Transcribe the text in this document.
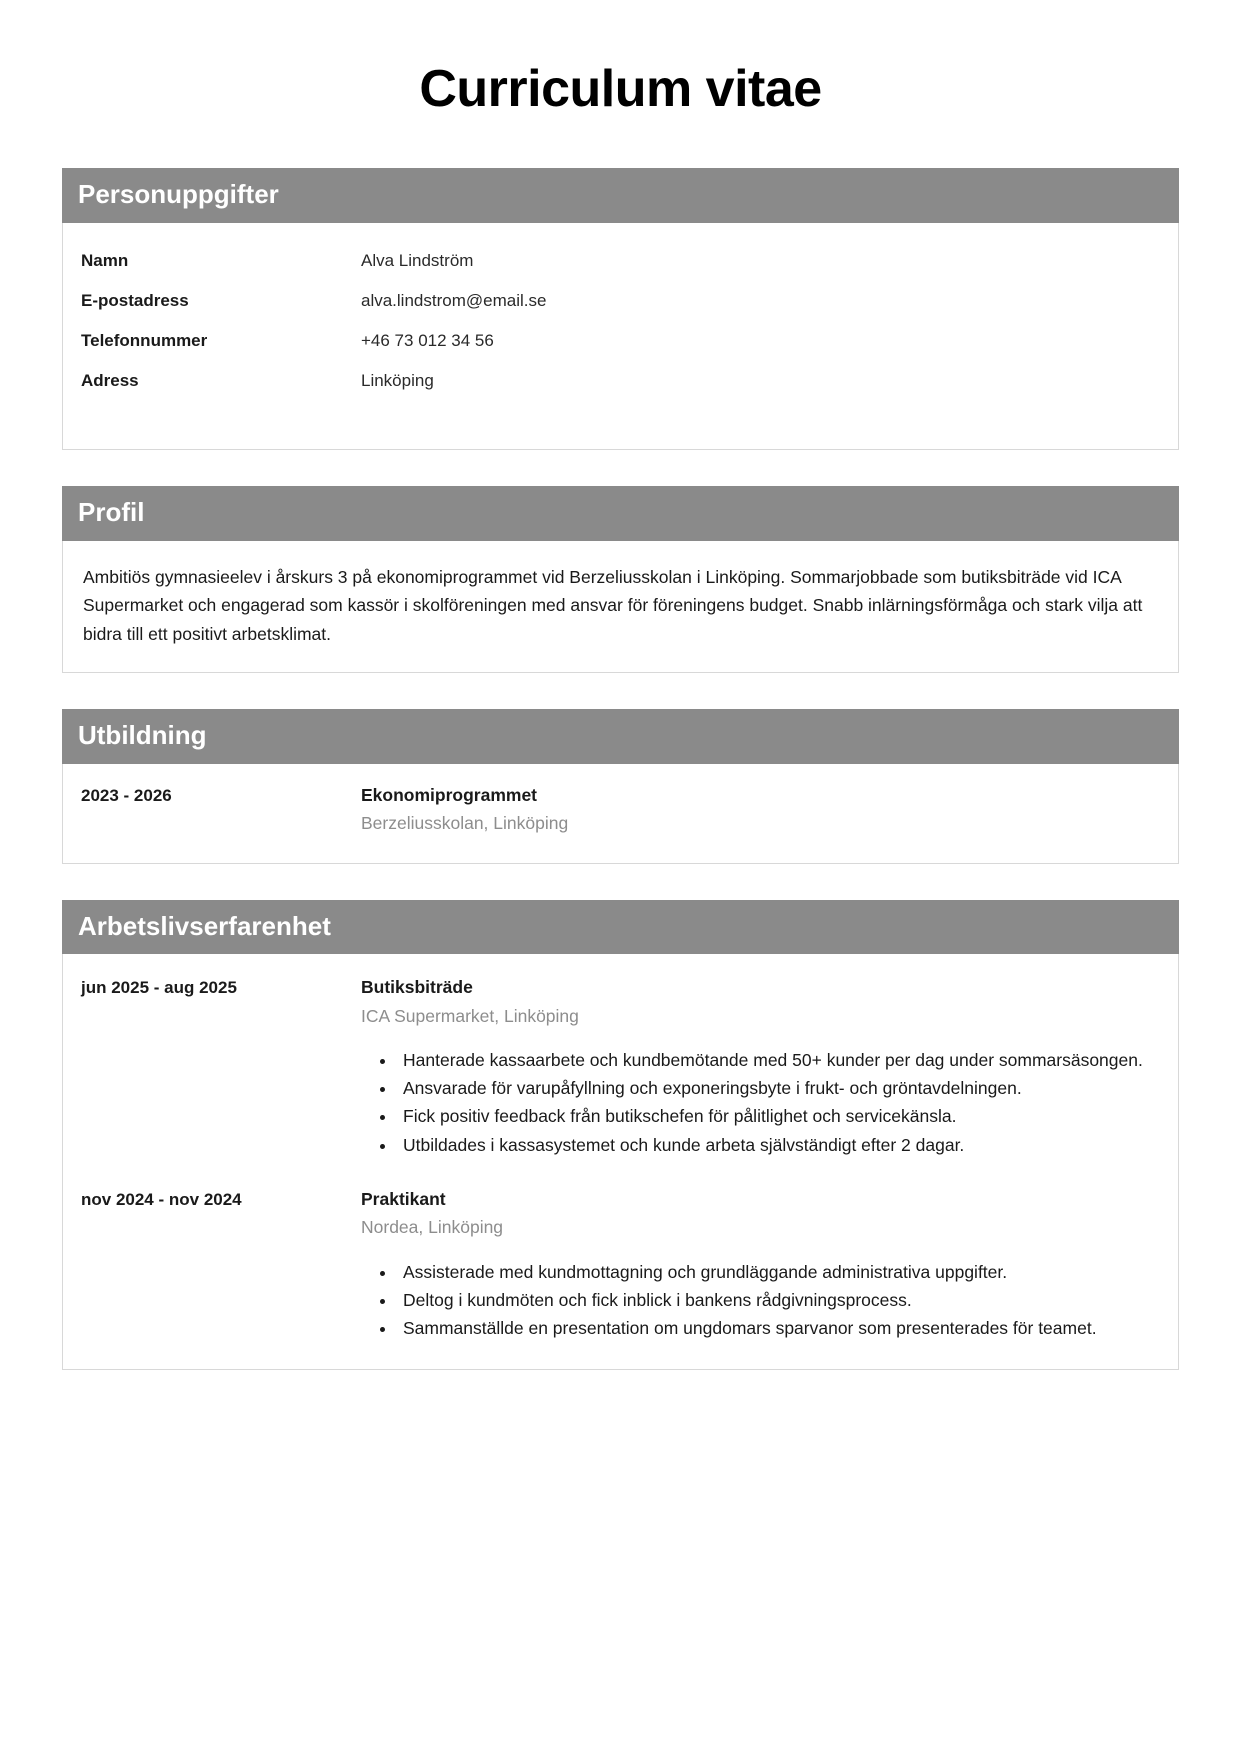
Curriculum vitae
Personuppgifter
Namn	Alva Lindström
E-postadress	alva.lindstrom@email.se
Telefonnummer	+46 73 012 34 56
Adress	Linköping
Profil

Ambitiös gymnasieelev i årskurs 3 på ekonomiprogrammet vid Berzeliusskolan i Linköping. Sommarjobbade som butiksbiträde vid ICA Supermarket och engagerad som kassör i skolföreningen med ansvar för föreningens budget. Snabb inlärningsförmåga och stark vilja att bidra till ett positivt arbetsklimat.

Utbildning
2023 - 2026	Ekonomiprogrammet
Berzeliusskolan, Linköping
Arbetslivserfarenhet
jun 2025 - aug 2025	Butiksbiträde
ICA Supermarket, Linköping
• Hanterade kassaarbete och kundbemötande med 50+ kunder per dag under sommarsäsongen.
• Ansvarade för varupåfyllning och exponeringsbyte i frukt- och gröntavdelningen.
• Fick positiv feedback från butikschefen för pålitlighet och servicekänsla.
• Utbildades i kassasystemet och kunde arbeta självständigt efter 2 dagar.
nov 2024 - nov 2024	Praktikant
Nordea, Linköping
• Assisterade med kundmottagning och grundläggande administrativa uppgifter.
• Deltog i kundmöten och fick inblick i bankens rådgivningsprocess.
• Sammanställde en presentation om ungdomars sparvanor som presenterades för teamet.
